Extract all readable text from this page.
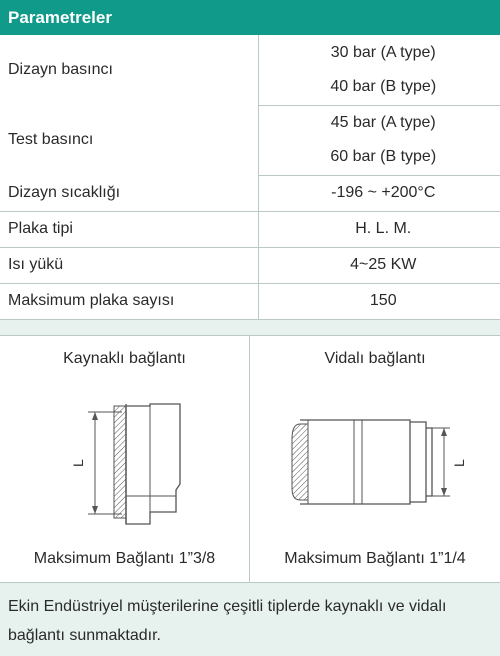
Parametreler
Dizayn basıncı	30 bar (A type)
	40 bar (B type)
Test basıncı	45 bar (A type)
	60 bar (B type)
Dizayn sıcaklığı	-196 ~ +200°C
Plaka tipi	H. L. M.
Isı yükü	4~25 KW
Maksimum plaka sayısı	150
Kaynaklı bağlantı
L
Maksimum Bağlantı 1”3/8
Vidalı bağlantı
L
Maksimum Bağlantı 1”1/4
Ekin Endüstriyel müşterilerine çeşitli tiplerde kaynaklı ve vidalı bağlantı sunmaktadır.
